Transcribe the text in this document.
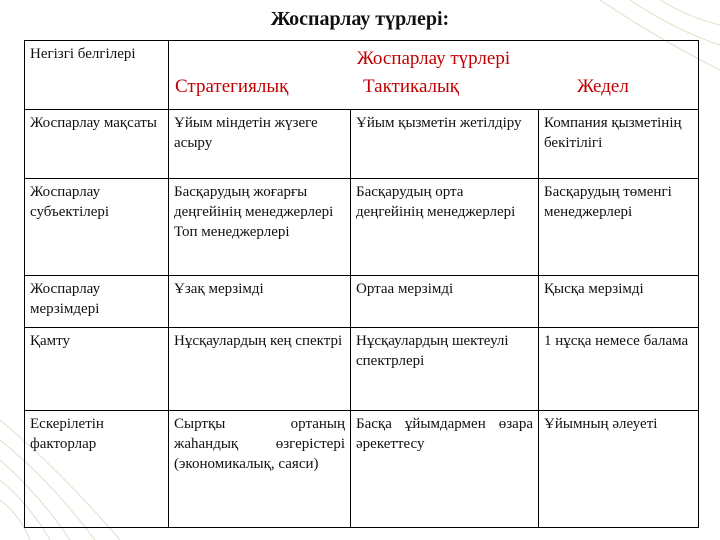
Жоспарлау түрлері:
Негізгі белгілері	Жоспарлау түрлері
Стратегиялық Тактикалық Жедел		

Жоспарлау мақсаты	Ұйым міндетін жүзеге асыру	Ұйым қызметін жетілдіру	Компания қызметінің бекітілігі
Жоспарлау субъектілері	Басқарудың жоғарғы деңгейінің менеджерлері Топ менеджерлері	Басқарудың орта деңгейінің менеджерлері	Басқарудың төменгі менеджерлері
Жоспарлау мерзімдері	Ұзақ мерзімді	Ортаа мерзімді	Қысқа мерзімді
Қамту	Нұсқаулардың кең спектрі	Нұсқаулардың шектеулі спектрлері	1 нұсқа немесе балама
Ескерілетін факторлар	Сыртқы ортаның жаһандық өзгерістері (экономикалық, саяси)	Басқа ұйымдармен өзара әрекеттесу	Ұйымның әлеуеті
